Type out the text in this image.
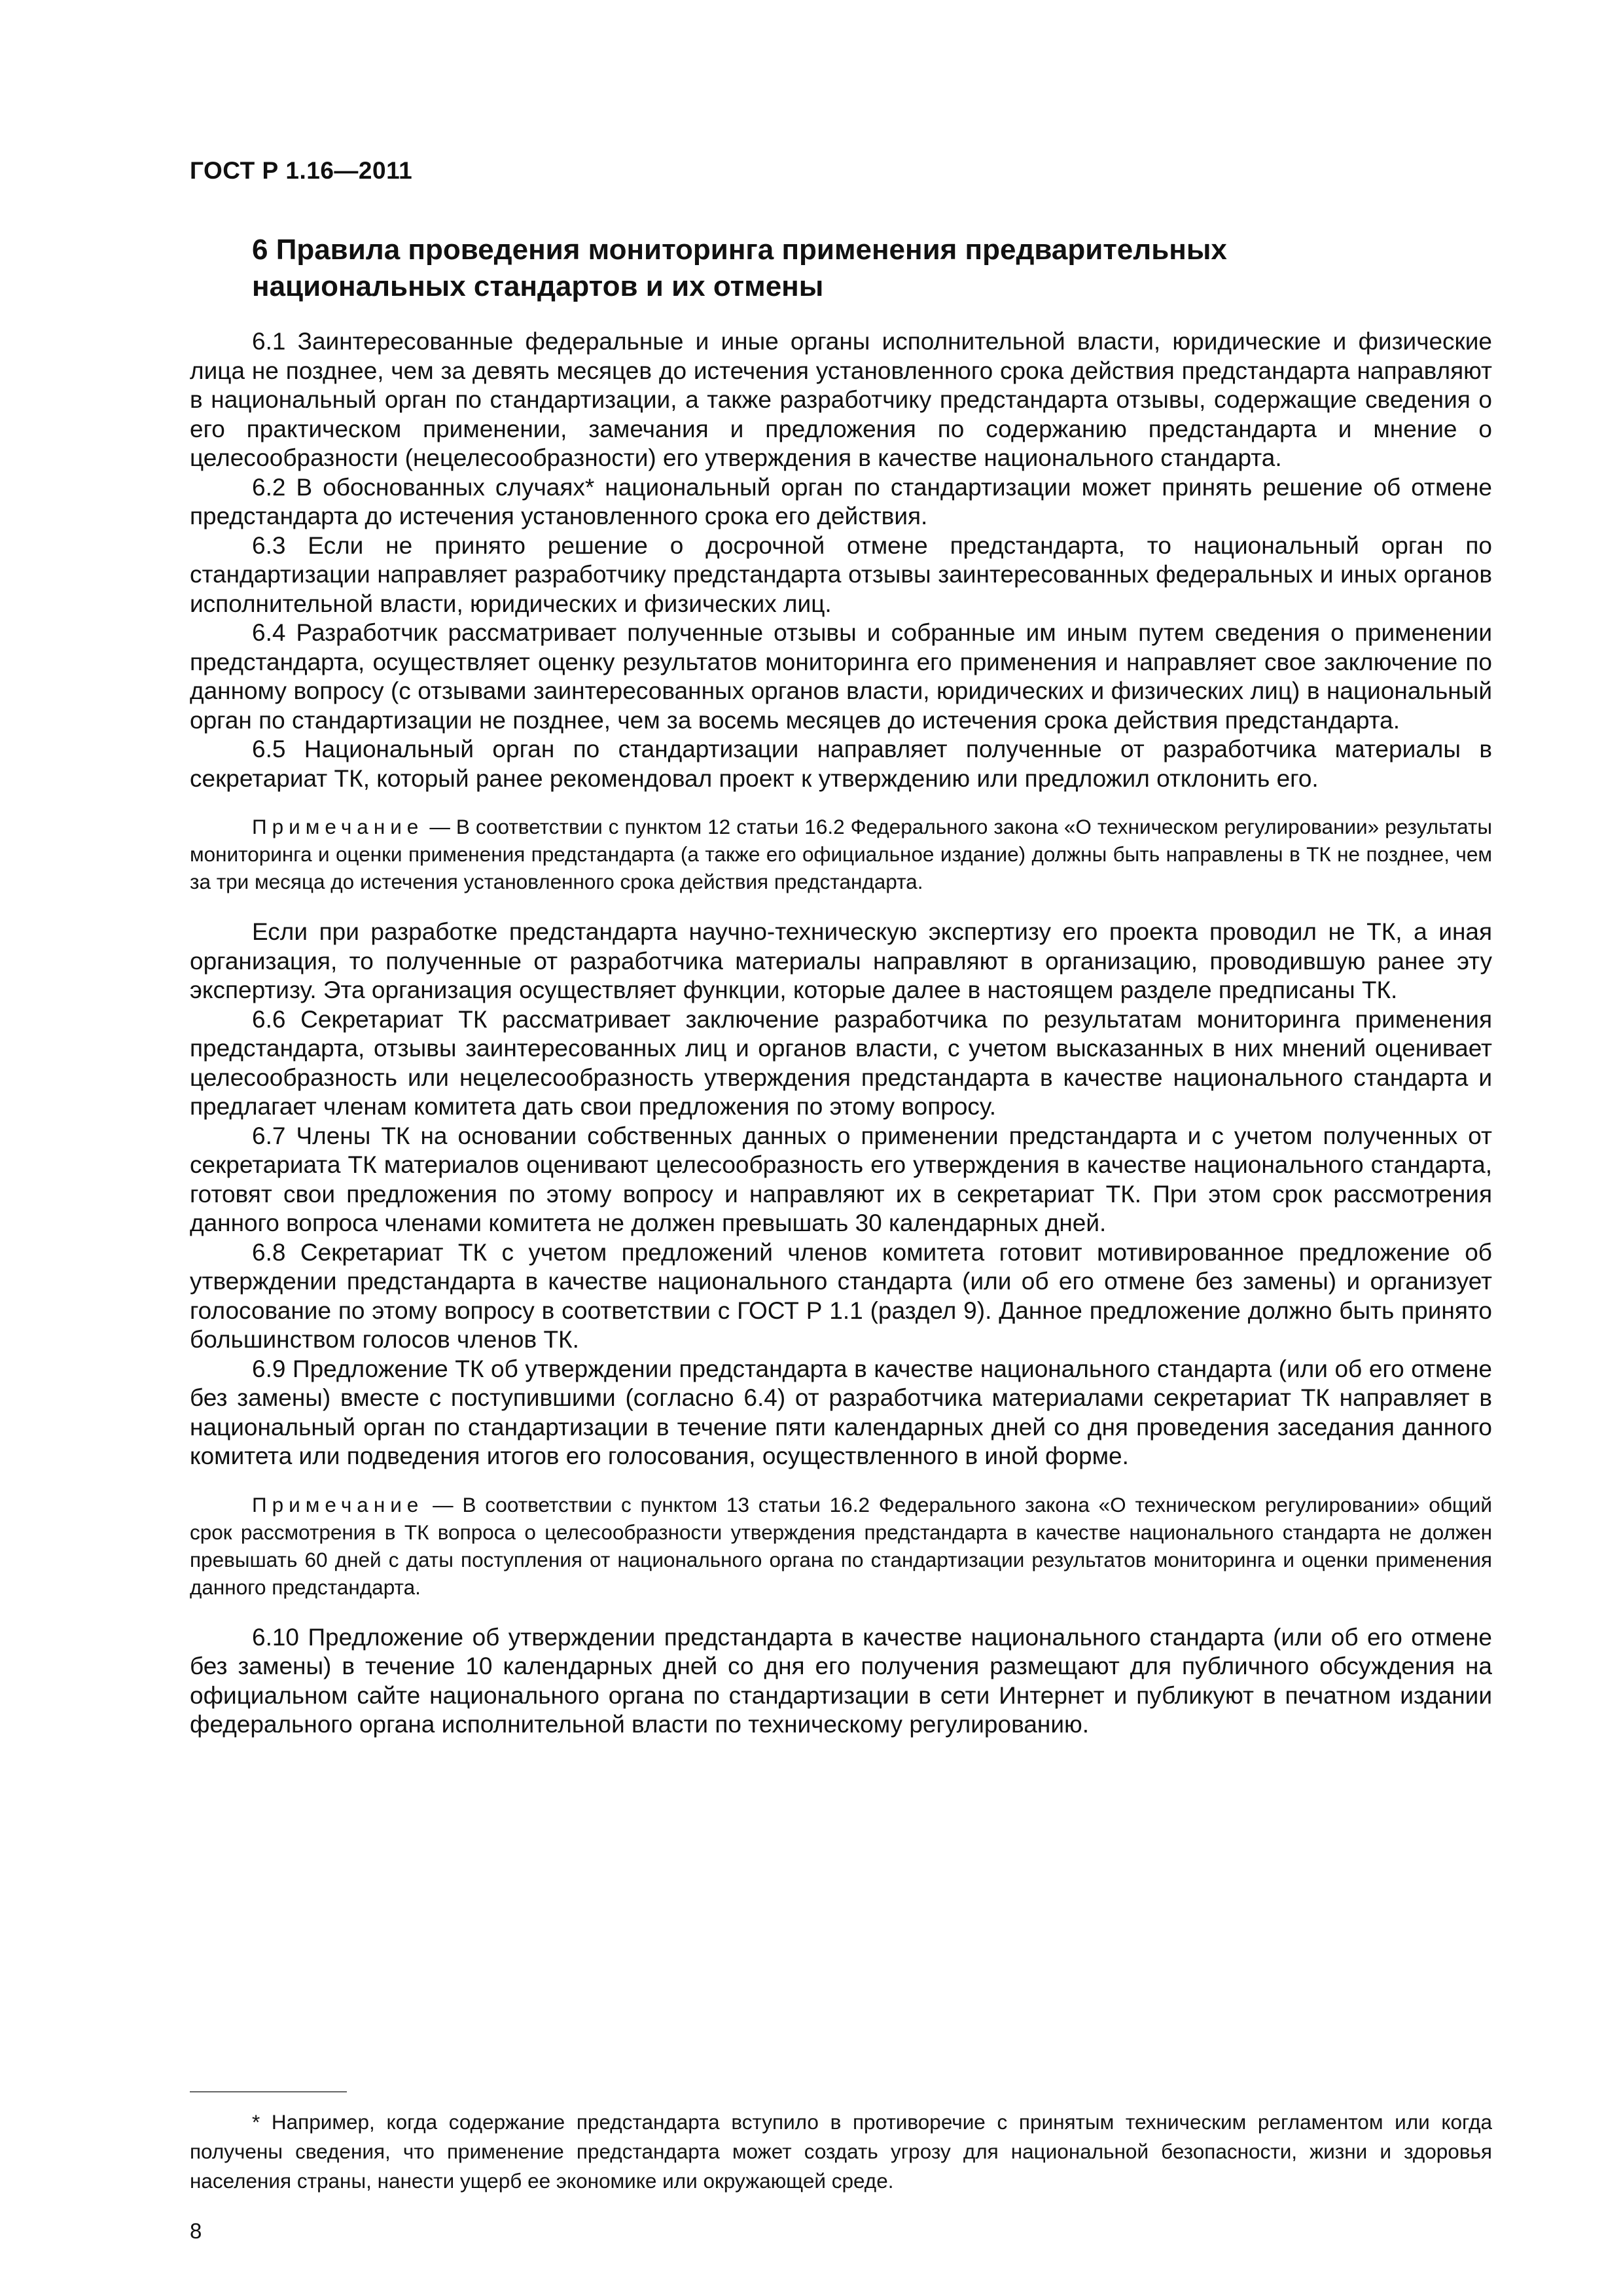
ГОСТ Р 1.16—2011
6 Правила проведения мониторинга применения предварительных
национальных стандартов и их отмены

6.1 Заинтересованные федеральные и иные органы исполнительной власти, юридические и физические лица не позднее, чем за девять месяцев до истечения установленного срока действия предстандарта направляют в национальный орган по стандартизации, а также разработчику предстандарта отзывы, содержащие сведения о его практическом применении, замечания и предложения по содержанию предстандарта и мнение о целесообразности (нецелесообразности) его утверждения в качестве национального стандарта.

6.2 В обоснованных случаях* национальный орган по стандартизации может принять решение об отмене предстандарта до истечения установленного срока его действия.

6.3 Если не принято решение о досрочной отмене предстандарта, то национальный орган по стандартизации направляет разработчику предстандарта отзывы заинтересованных федеральных и иных органов исполнительной власти, юридических и физических лиц.

6.4 Разработчик рассматривает полученные отзывы и собранные им иным путем сведения о применении предстандарта, осуществляет оценку результатов мониторинга его применения и направляет свое заключение по данному вопросу (с отзывами заинтересованных органов власти, юридических и физических лиц) в национальный орган по стандартизации не позднее, чем за восемь месяцев до истечения срока действия предстандарта.

6.5 Национальный орган по стандартизации направляет полученные от разработчика материалы в секретариат ТК, который ранее рекомендовал проект к утверждению или предложил отклонить его.

Примечание — В соответствии с пунктом 12 статьи 16.2 Федерального закона «О техническом регулировании» результаты мониторинга и оценки применения предстандарта (а также его официальное издание) должны быть направлены в ТК не позднее, чем за три месяца до истечения установленного срока действия предстандарта.

Если при разработке предстандарта научно-техническую экспертизу его проекта проводил не ТК, а иная организация, то полученные от разработчика материалы направляют в организацию, проводившую ранее эту экспертизу. Эта организация осуществляет функции, которые далее в настоящем разделе предписаны ТК.

6.6 Секретариат ТК рассматривает заключение разработчика по результатам мониторинга применения предстандарта, отзывы заинтересованных лиц и органов власти, с учетом высказанных в них мнений оценивает целесообразность или нецелесообразность утверждения предстандарта в качестве национального стандарта и предлагает членам комитета дать свои предложения по этому вопросу.

6.7 Члены ТК на основании собственных данных о применении предстандарта и с учетом полученных от секретариата ТК материалов оценивают целесообразность его утверждения в качестве национального стандарта, готовят свои предложения по этому вопросу и направляют их в секретариат ТК. При этом срок рассмотрения данного вопроса членами комитета не должен превышать 30 календарных дней.

6.8 Секретариат ТК с учетом предложений членов комитета готовит мотивированное предложение об утверждении предстандарта в качестве национального стандарта (или об его отмене без замены) и организует голосование по этому вопросу в соответствии с ГОСТ Р 1.1 (раздел 9). Данное предложение должно быть принято большинством голосов членов ТК.

6.9 Предложение ТК об утверждении предстандарта в качестве национального стандарта (или об его отмене без замены) вместе с поступившими (согласно 6.4) от разработчика материалами секретариат ТК направляет в национальный орган по стандартизации в течение пяти календарных дней со дня проведения заседания данного комитета или подведения итогов его голосования, осуществленного в иной форме.

Примечание — В соответствии с пунктом 13 статьи 16.2 Федерального закона «О техническом регулировании» общий срок рассмотрения в ТК вопроса о целесообразности утверждения предстандарта в качестве национального стандарта не должен превышать 60 дней с даты поступления от национального органа по стандартизации результатов мониторинга и оценки применения данного предстандарта.

6.10 Предложение об утверждении предстандарта в качестве национального стандарта (или об его отмене без замены) в течение 10 календарных дней со дня его получения размещают для публичного обсуждения на официальном сайте национального органа по стандартизации в сети Интернет и публикуют в печатном издании федерального органа исполнительной власти по техническому регулированию.

* Например, когда содержание предстандарта вступило в противоречие с принятым техническим регламентом или когда получены сведения, что применение предстандарта может создать угрозу для национальной безопасности, жизни и здоровья населения страны, нанести ущерб ее экономике или окружающей среде.

8
